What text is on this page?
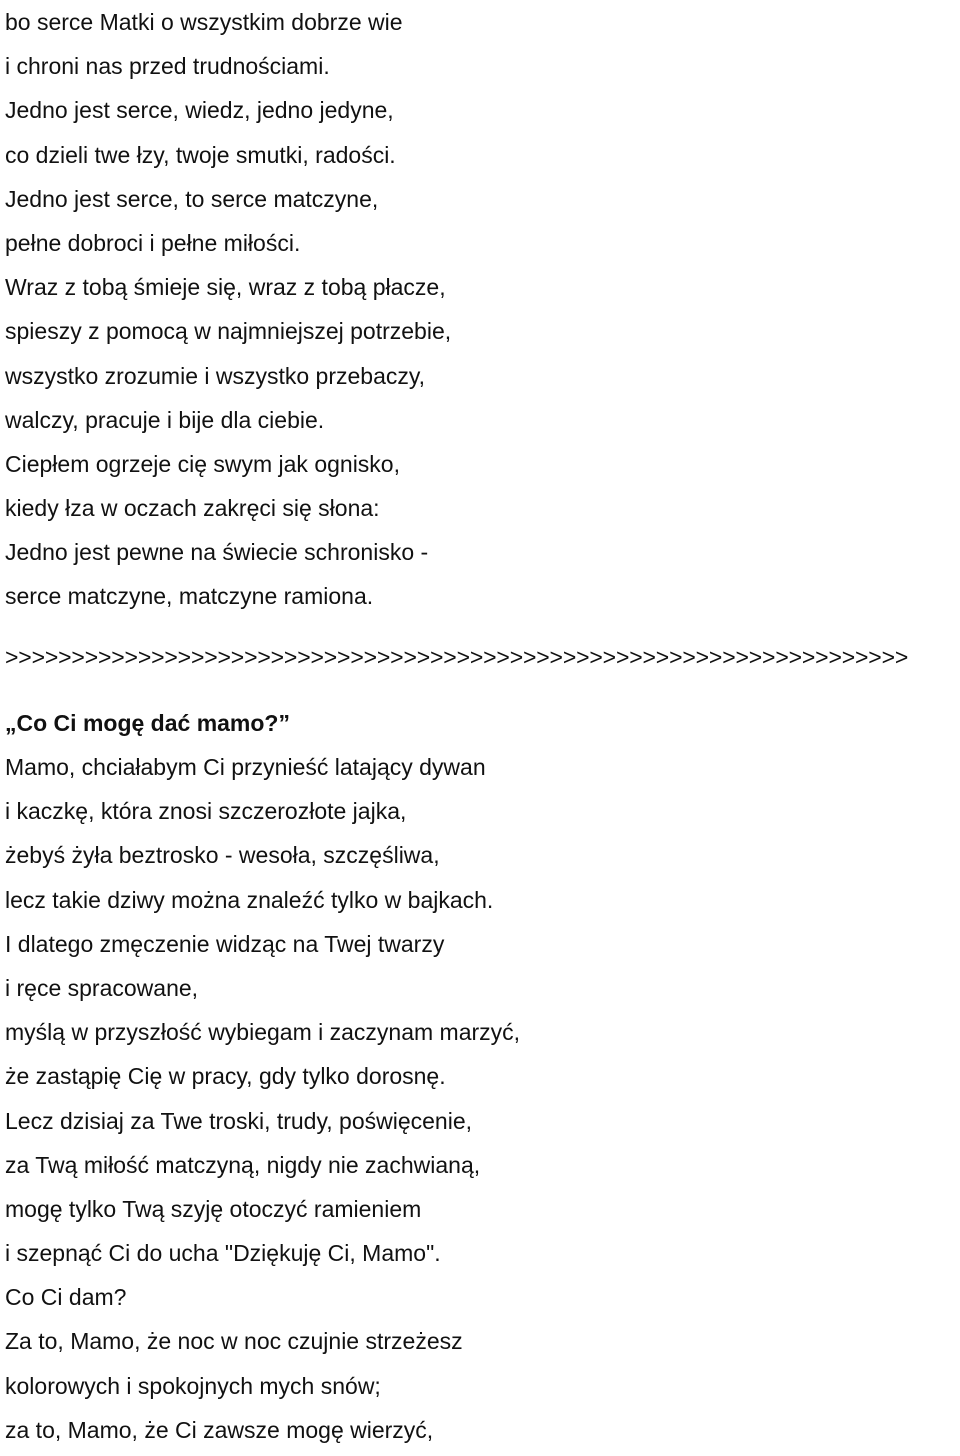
bo serce Matki o wszystkim dobrze wie
i chroni nas przed trudnościami.
Jedno jest serce, wiedz, jedno jedyne,
co dzieli twe łzy, twoje smutki, radości.
Jedno jest serce, to serce matczyne,
pełne dobroci i pełne miłości.
Wraz z tobą śmieje się, wraz z tobą płacze,
spieszy z pomocą w najmniejszej potrzebie,
wszystko zrozumie i wszystko przebaczy,
walczy, pracuje i bije dla ciebie.
Ciepłem ogrzeje cię swym jak ognisko,
kiedy łza w oczach zakręci się słona:
Jedno jest pewne na świecie schronisko -
serce matczyne, matczyne ramiona.
>>>>>>>>>>>>>>>>>>>>>>>>>>>>>>>>>>>>>>>>>>>>>>>>>>>>>>>>>>>>>>>>>>>>
„Co Ci mogę dać mamo?”
Mamo, chciałabym Ci przynieść latający dywan
i kaczkę, która znosi szczerozłote jajka,
żebyś żyła beztrosko - wesoła, szczęśliwa,
lecz takie dziwy można znaleźć tylko w bajkach.
I dlatego zmęczenie widząc na Twej twarzy
i ręce spracowane,
myślą w przyszłość wybiegam i zaczynam marzyć,
że zastąpię Cię w pracy, gdy tylko dorosnę.
Lecz dzisiaj za Twe troski, trudy, poświęcenie,
za Twą miłość matczyną, nigdy nie zachwianą,
mogę tylko Twą szyję otoczyć ramieniem
i szepnąć Ci do ucha "Dziękuję Ci, Mamo".
Co Ci dam?
Za to, Mamo, że noc w noc czujnie strzeżesz
kolorowych i spokojnych mych snów;
za to, Mamo, że Ci zawsze mogę wierzyć,
